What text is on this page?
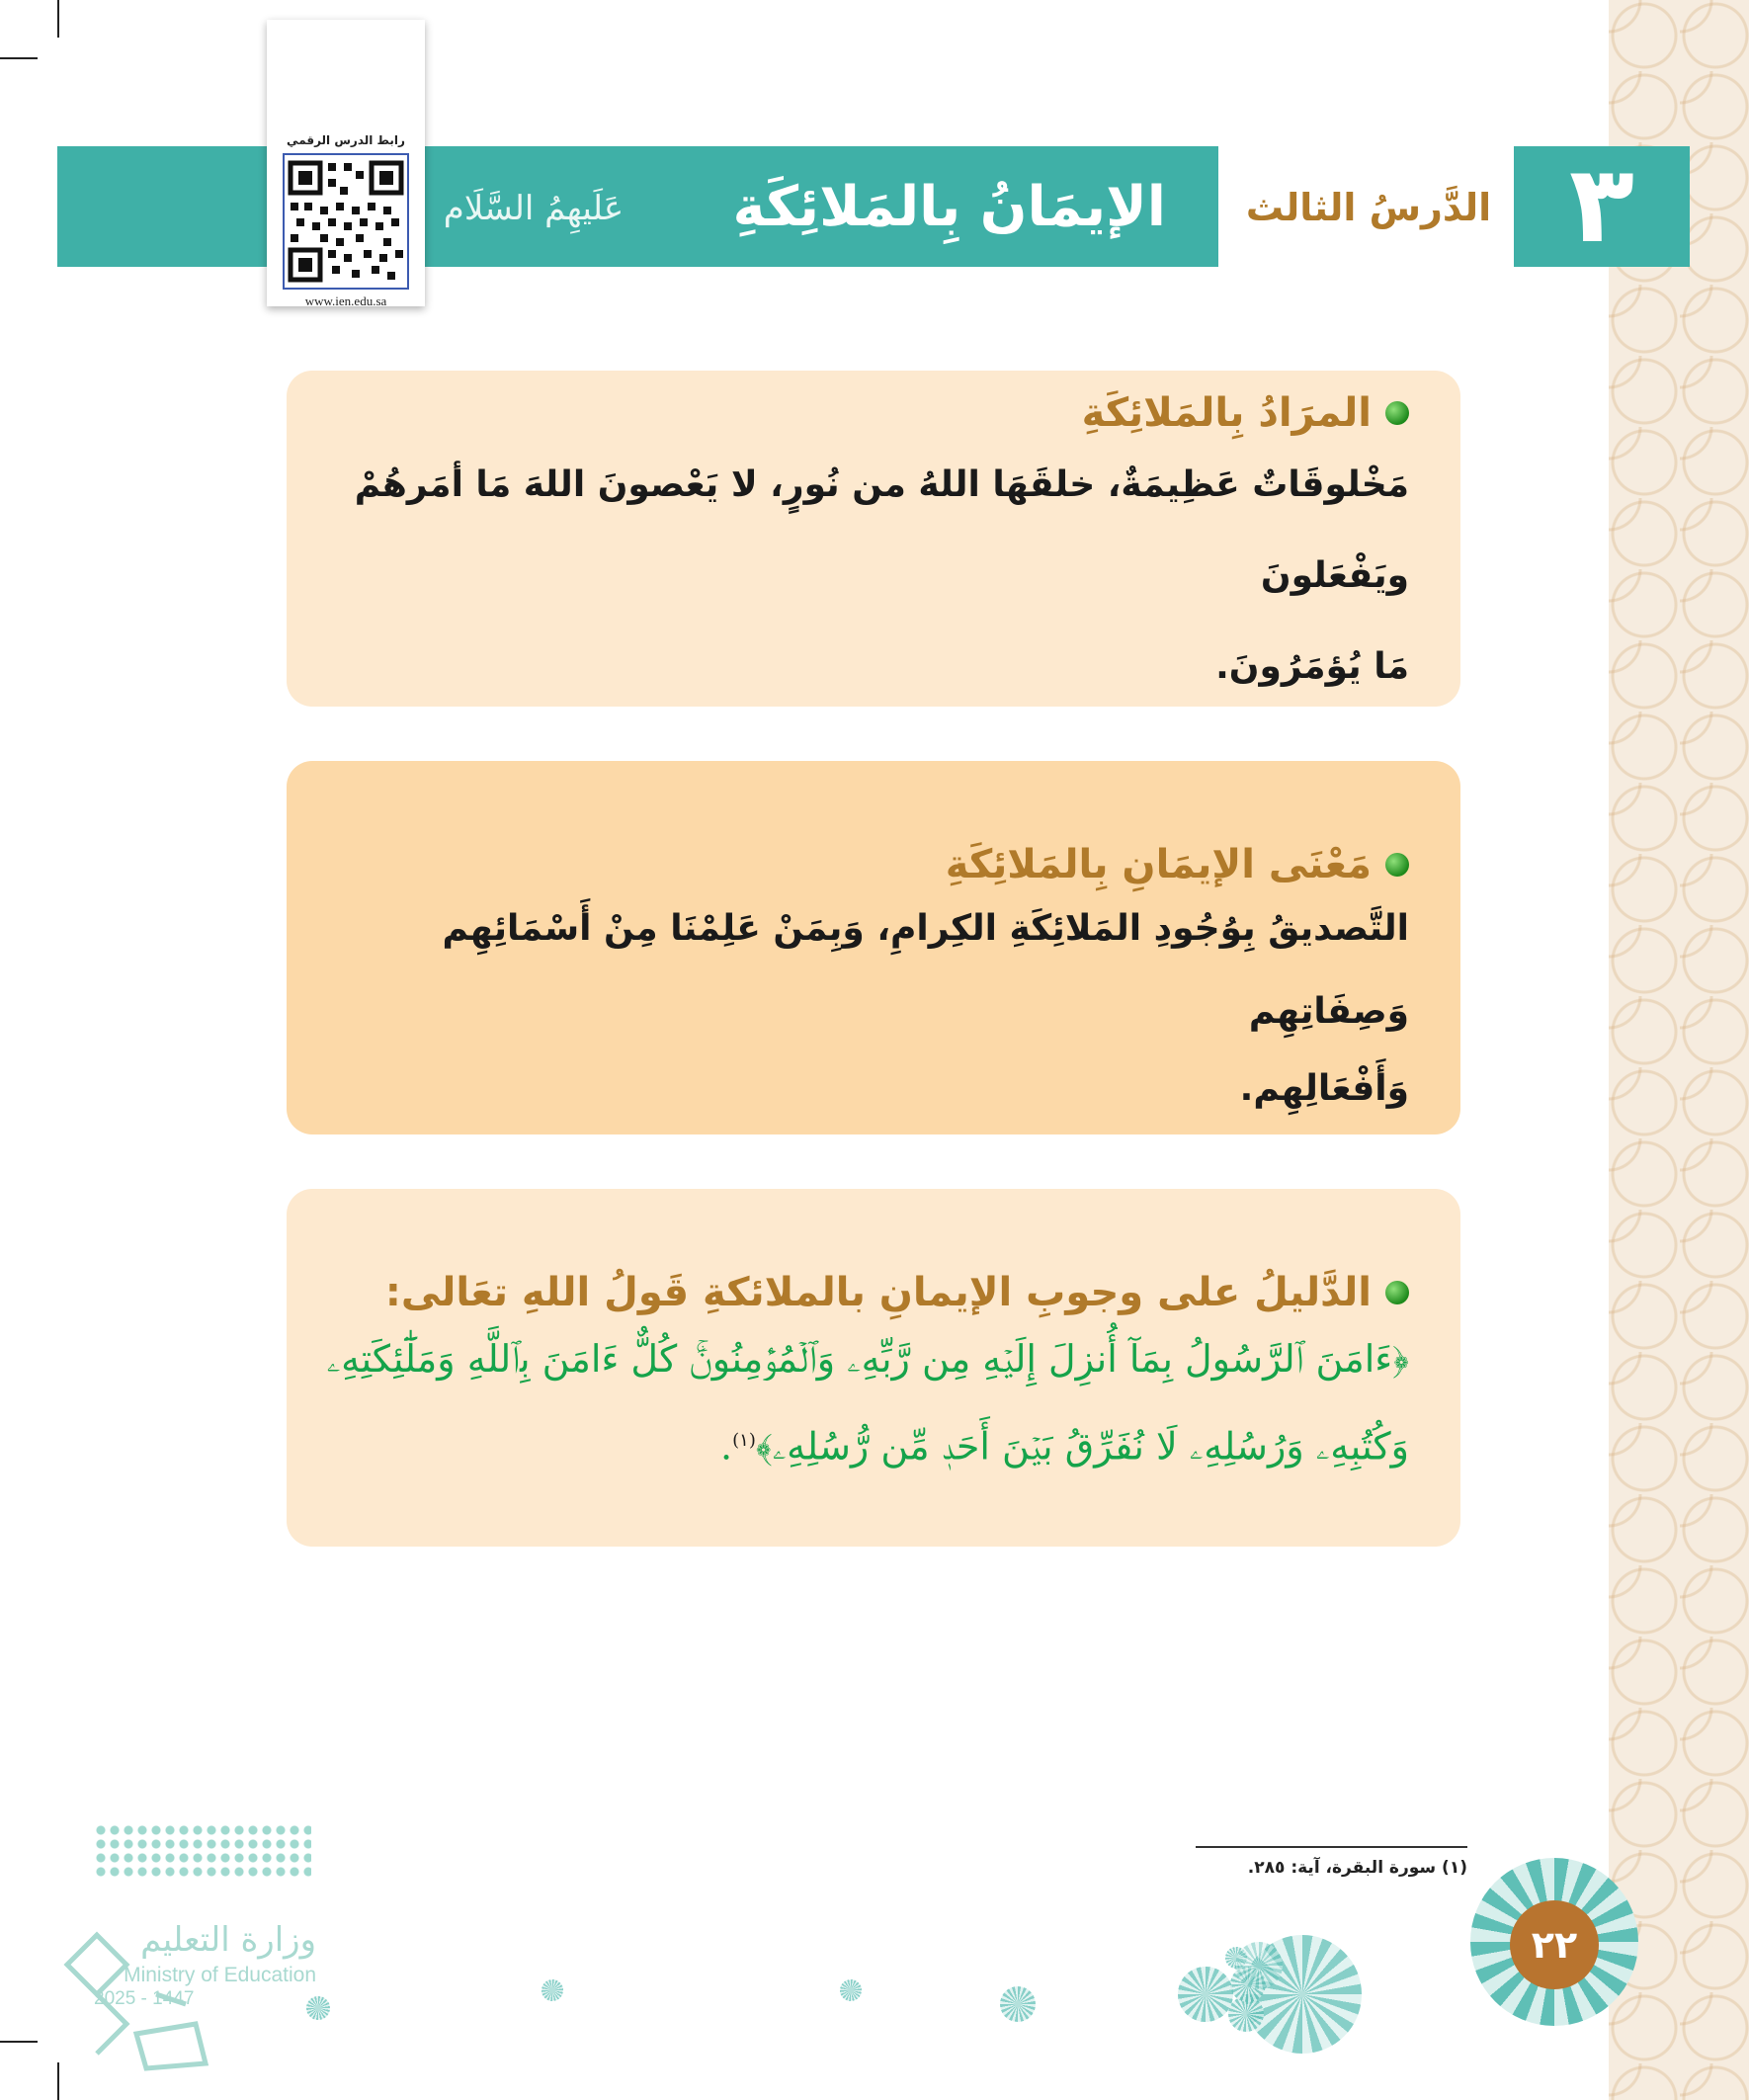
٣
الدَّرسُ الثالث
الإيمَانُ بِالمَلائِكَةِ
عَلَيهِمُ السَّلَام
رابط الدرس الرقمي
www.ien.edu.sa
المرَادُ بِالمَلائِكَةِ

مَخْلوقَاتٌ عَظِيمَةٌ، خلقَهَا اللهُ من نُورٍ، لا يَعْصونَ اللهَ مَا أمَرهُمْ ويَفْعَلونَ

مَا يُؤمَرُونَ.

مَعْنَى الإيمَانِ بِالمَلائِكَةِ

التَّصديقُ بِوُجُودِ المَلائِكَةِ الكِرامِ، وَبِمَنْ عَلِمْنَا مِنْ أَسْمَائِهِم وَصِفَاتِهِم

وَأَفْعَالِهِم.

الدَّليلُ على وجوبِ الإيمانِ بالملائكةِ قَولُ اللهِ تعَالى:

﴿ءَامَنَ ٱلرَّسُولُ بِمَآ أُنزِلَ إِلَيۡهِ مِن رَّبِّهِۦ وَٱلۡمُؤۡمِنُونَۚ كُلٌّ ءَامَنَ بِٱللَّهِ وَمَلَٰٓئِكَتِهِۦ

وَكُتُبِهِۦ وَرُسُلِهِۦ لَا نُفَرِّقُ بَيۡنَ أَحَدٖ مِّن رُّسُلِهِۦ﴾$^{(١)}$.

(١) سورة البقرة، آية: ٢٨٥.
٢٢
وزارة التعليم
Ministry of Education
2025 - 1447
